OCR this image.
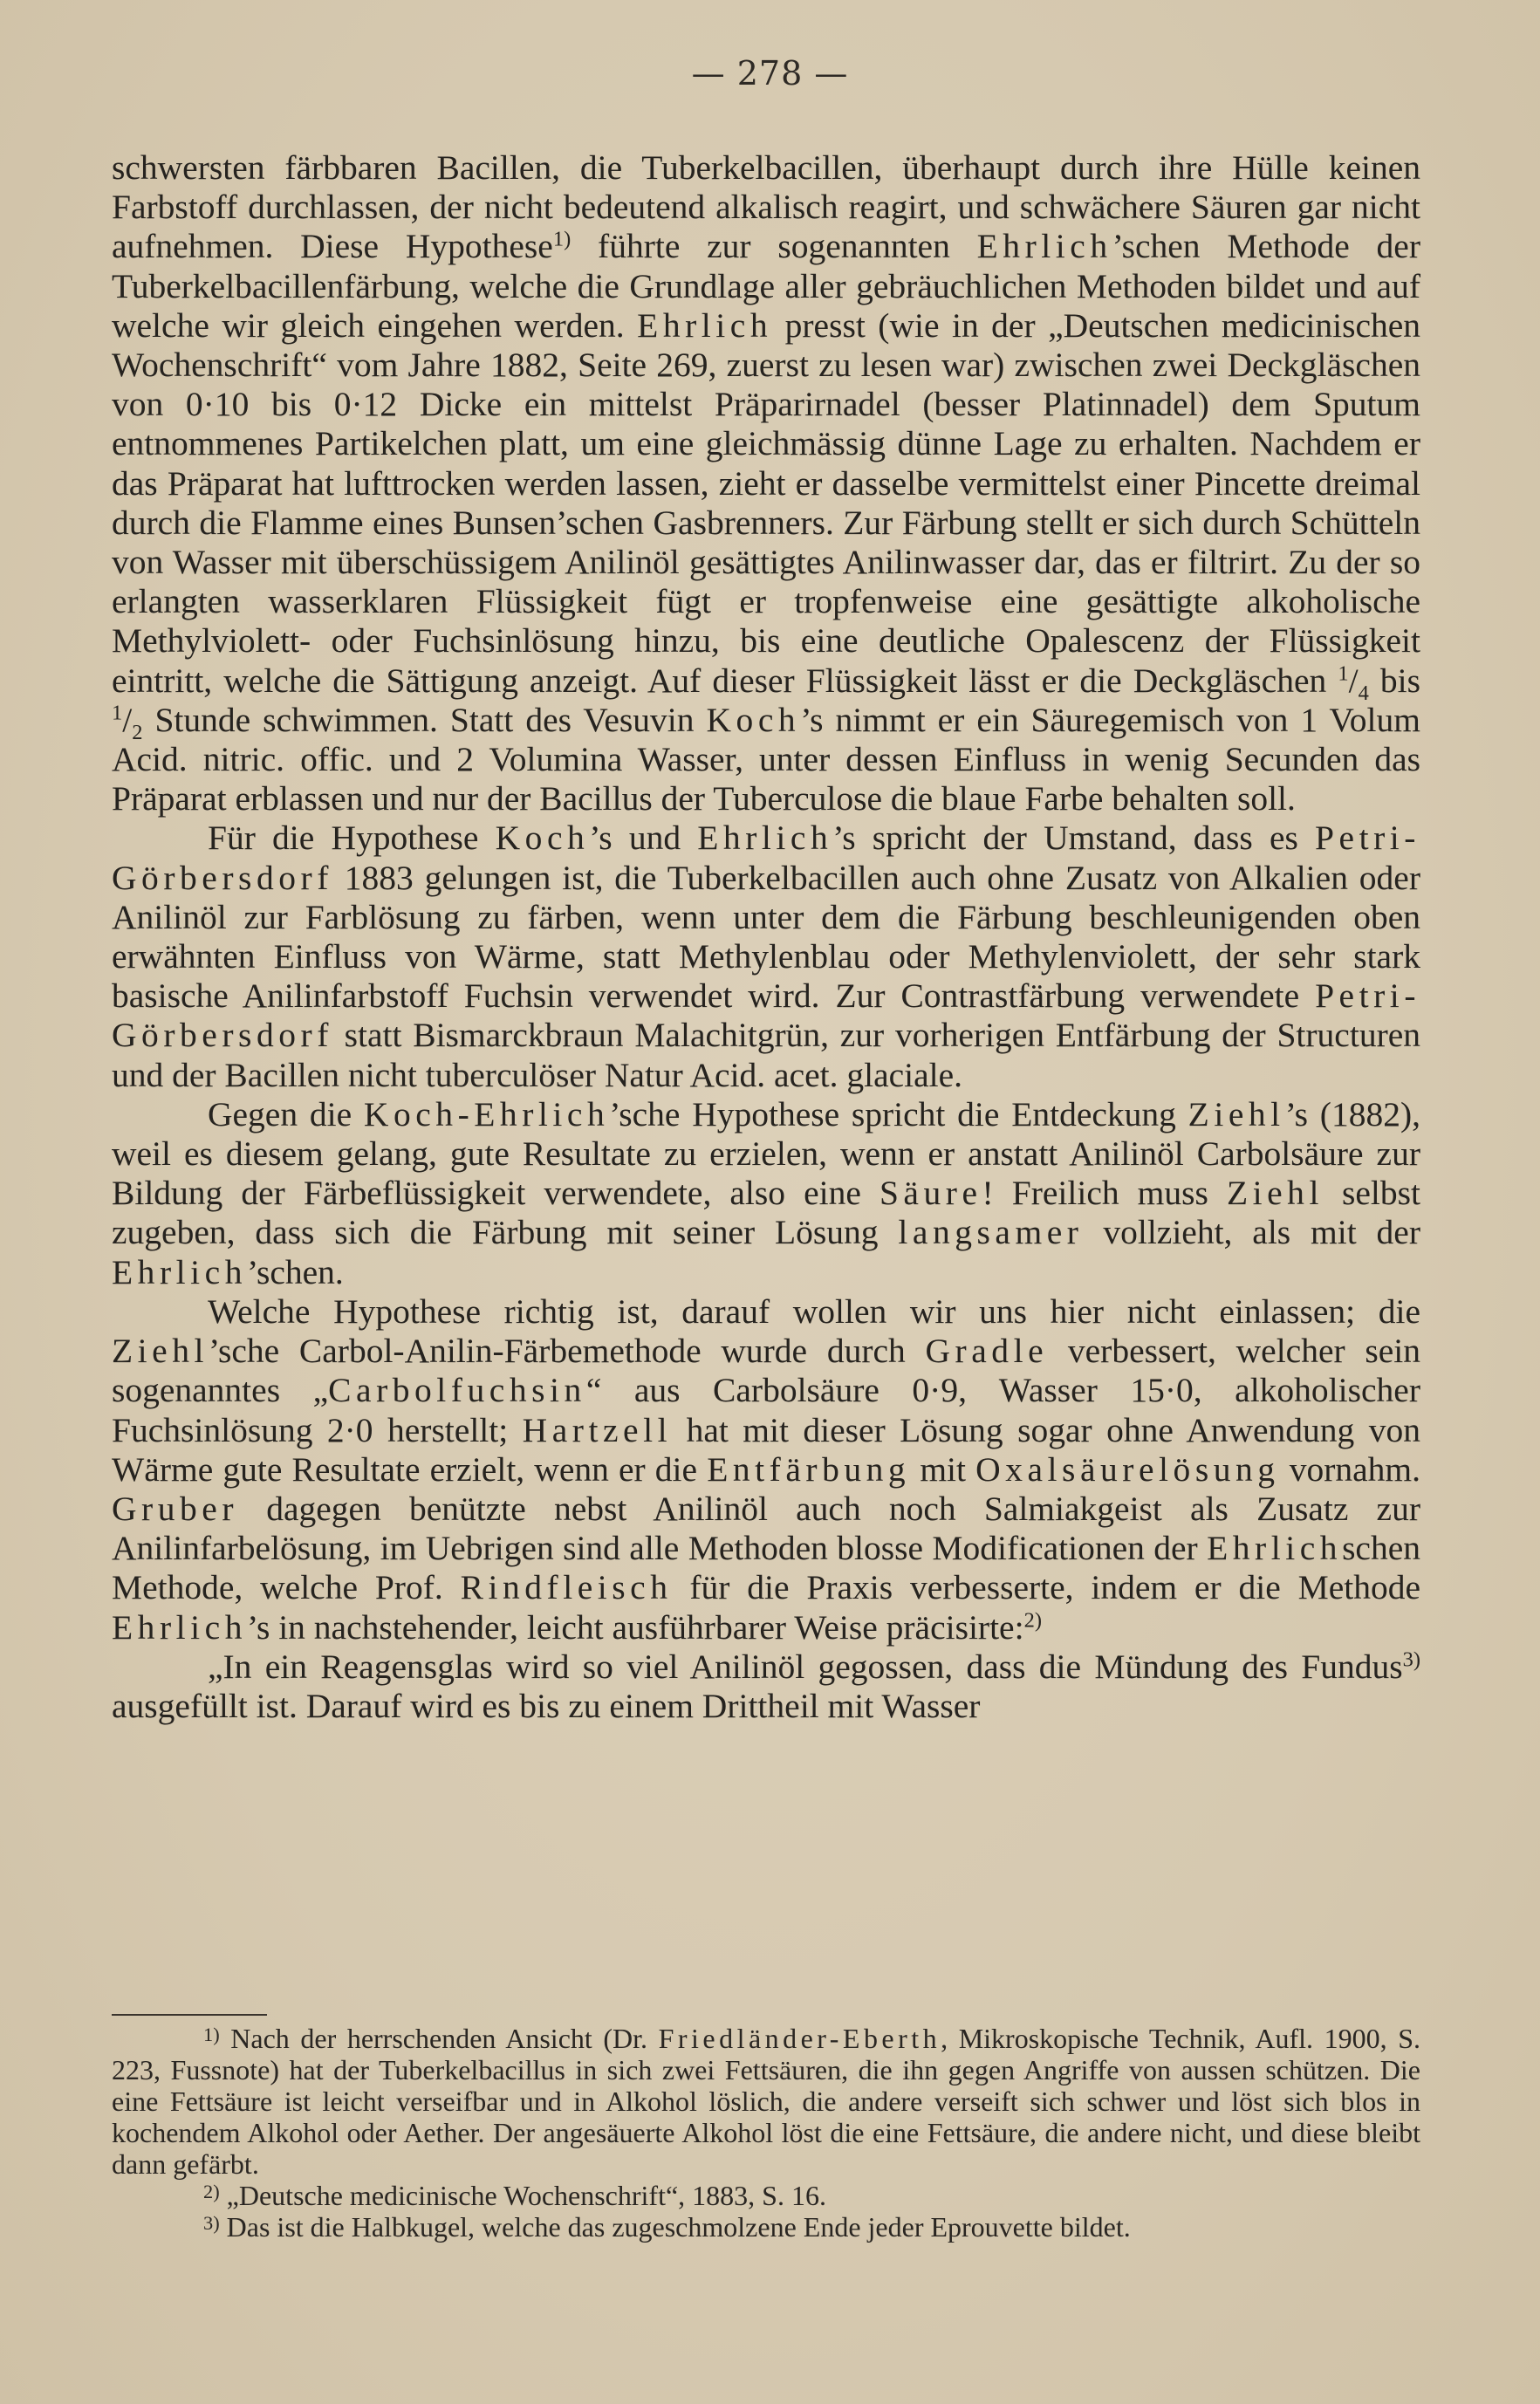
— 278 —

schwersten färbbaren Bacillen, die Tuberkelbacillen, überhaupt durch ihre Hülle keinen Farbstoff durchlassen, der nicht bedeutend alkalisch reagirt, und schwächere Säuren gar nicht aufnehmen. Diese Hypothese$^{1)}$ führte zur sogenannten Ehrlich’schen Methode der Tuberkelbacillenfärbung, welche die Grundlage aller gebräuchlichen Methoden bildet und auf welche wir gleich eingehen werden. Ehrlich presst (wie in der „Deutschen medicinischen Wochenschrift“ vom Jahre 1882, Seite 269, zuerst zu lesen war) zwischen zwei Deckgläschen von 0·10 bis 0·12 Dicke ein mittelst Präparirnadel (besser Platinnadel) dem Sputum entnommenes Partikelchen platt, um eine gleichmässig dünne Lage zu erhalten. Nachdem er das Präparat hat lufttrocken werden lassen, zieht er dasselbe vermittelst einer Pincette dreimal durch die Flamme eines Bunsen’schen Gasbrenners. Zur Färbung stellt er sich durch Schütteln von Wasser mit überschüssigem Anilinöl gesättigtes Anilinwasser dar, das er filtrirt. Zu der so erlangten wasserklaren Flüssigkeit fügt er tropfenweise eine gesättigte alkoholische Methylviolett- oder Fuchsinlösung hinzu, bis eine deutliche Opalescenz der Flüssigkeit eintritt, welche die Sättigung anzeigt. Auf dieser Flüssigkeit lässt er die Deckgläschen $^1/_4$ bis $^1/_2$ Stunde schwimmen. Statt des Vesuvin Koch’s nimmt er ein Säuregemisch von 1 Volum Acid. nitric. offic. und 2 Volumina Wasser, unter dessen Einfluss in wenig Secunden das Präparat erblassen und nur der Bacillus der Tuberculose die blaue Farbe behalten soll.

Für die Hypothese Koch’s und Ehrlich’s spricht der Umstand, dass es Petri-Görbersdorf 1883 gelungen ist, die Tuberkelbacillen auch ohne Zusatz von Alkalien oder Anilinöl zur Farblösung zu färben, wenn unter dem die Färbung beschleunigenden oben erwähnten Einfluss von Wärme, statt Methylenblau oder Methylenviolett, der sehr stark basische Anilinfarbstoff Fuchsin verwendet wird. Zur Contrastfärbung verwendete Petri-Görbersdorf statt Bismarckbraun Malachitgrün, zur vorherigen Entfärbung der Structuren und der Bacillen nicht tuberculöser Natur Acid. acet. glaciale.

Gegen die Koch-Ehrlich’sche Hypothese spricht die Entdeckung Ziehl’s (1882), weil es diesem gelang, gute Resultate zu erzielen, wenn er anstatt Anilinöl Carbolsäure zur Bildung der Färbeflüssigkeit verwendete, also eine Säure! Freilich muss Ziehl selbst zugeben, dass sich die Färbung mit seiner Lösung langsamer vollzieht, als mit der Ehrlich’schen.

Welche Hypothese richtig ist, darauf wollen wir uns hier nicht einlassen; die Ziehl’sche Carbol-Anilin-Färbemethode wurde durch Gradle verbessert, welcher sein sogenanntes „Carbolfuchsin“ aus Carbolsäure 0·9, Wasser 15·0, alkoholischer Fuchsinlösung 2·0 herstellt; Hartzell hat mit dieser Lösung sogar ohne Anwendung von Wärme gute Resultate erzielt, wenn er die Entfärbung mit Oxalsäurelösung vornahm. Gruber dagegen benützte nebst Anilinöl auch noch Salmiakgeist als Zusatz zur Anilinfarbelösung, im Uebrigen sind alle Methoden blosse Modificationen der Ehrlichschen Methode, welche Prof. Rindfleisch für die Praxis verbesserte, indem er die Methode Ehrlich’s in nachstehender, leicht ausführbarer Weise präcisirte:$^{2)}$

„In ein Reagensglas wird so viel Anilinöl gegossen, dass die Mündung des Fundus$^{3)}$ ausgefüllt ist. Darauf wird es bis zu einem Drittheil mit Wasser

$^{1)}$ Nach der herrschenden Ansicht (Dr. Friedländer-Eberth, Mikroskopische Technik, Aufl. 1900, S. 223, Fussnote) hat der Tuberkelbacillus in sich zwei Fettsäuren, die ihn gegen Angriffe von aussen schützen. Die eine Fettsäure ist leicht verseifbar und in Alkohol löslich, die andere verseift sich schwer und löst sich blos in kochendem Alkohol oder Aether. Der angesäuerte Alkohol löst die eine Fettsäure, die andere nicht, und diese bleibt dann gefärbt.

$^{2)}$ „Deutsche medicinische Wochenschrift“, 1883, S. 16.

$^{3)}$ Das ist die Halbkugel, welche das zugeschmolzene Ende jeder Eprouvette bildet.
